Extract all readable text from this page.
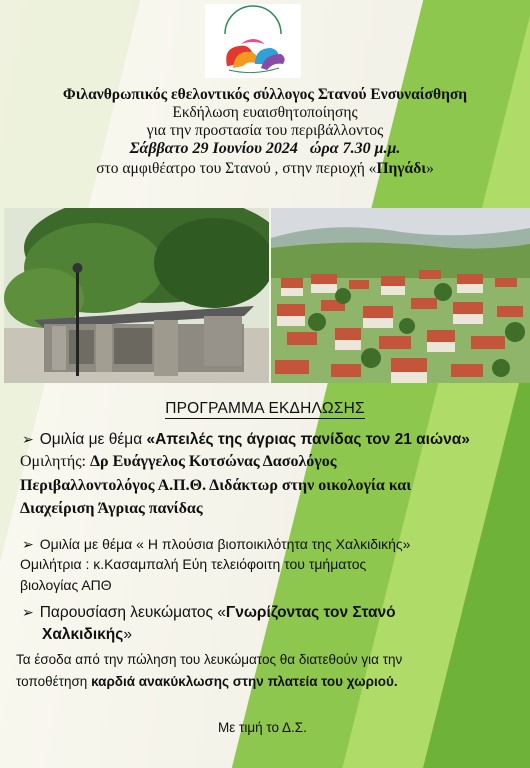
Φιλανθρωπικός εθελοντικός σύλλογος Σταvού Ενσυναίσθηση
Εκδήλωση ευαισθητοποίησης
για την προστασία του περιβάλλοντος
Σάββατο 29 Ιουνίου 2024 ώρα 7.30 μ.μ.
στο αμφιθέατρο του Στανού , στην περιοχή «Πηγάδι»
ΠΡΟΓΡΑΜΜΑ ΕΚΔΗΛΩΣΗΣ
➢ Ομιλία με θέμα «Απειλές της άγριας πανίδας τον 21 αιώνα»
Ομιλητής: Δρ Ευάγγελος Κοτσώνας Δασολόγος
Περιβαλλοντολόγος Α.Π.Θ. Διδάκτωρ στην οικολογία και
Διαχείριση Άγριας πανίδας
➢ Ομιλία με θέμα « Η πλούσια βιοποικιλότητα της Χαλκιδικής»
Ομιλήτρια : κ.Κασαμπαλή Εύη τελειόφοιτη του τμήματος
βιολογίας ΑΠΘ
➢ Παρουσίαση λευκώματος «Γνωρίζοντας τον Στανό
Χαλκιδικής»
Τα έσοδα από την πώληση του λευκώματος θα διατεθούν για την
τοποθέτηση καρδιά ανακύκλωσης στην πλατεία του χωριού.
Με τιμή το Δ.Σ.
